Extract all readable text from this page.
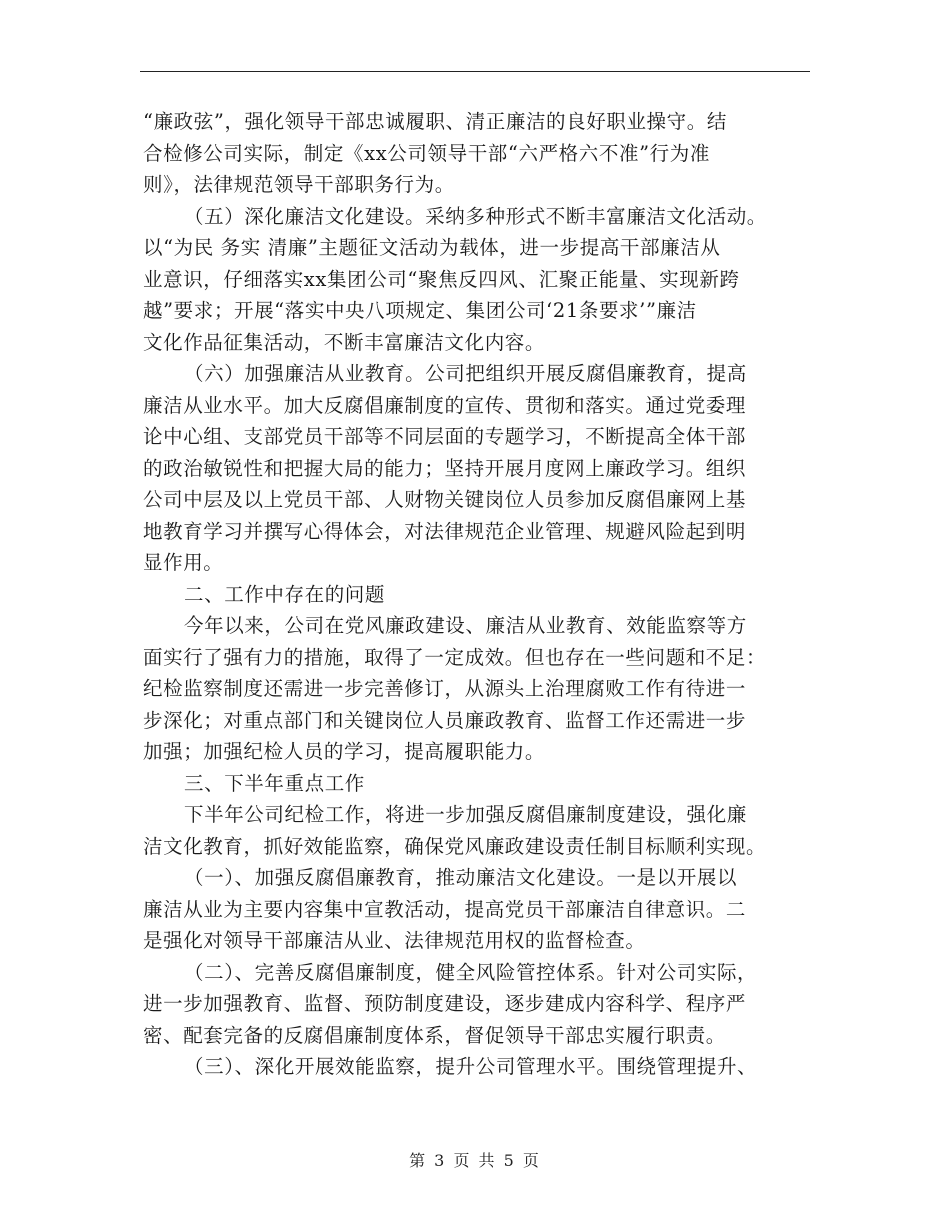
“廉政弦”，强化领导干部忠诚履职、清正廉洁的良好职业操守。结
合检修公司实际，制定《xx公司领导干部“六严格六不准”行为准
则》，法律规范领导干部职务行为。
（五）深化廉洁文化建设。采纳多种形式不断丰富廉洁文化活动。
以“为民 务实 清廉”主题征文活动为载体，进一步提高干部廉洁从
业意识，仔细落实xx集团公司“聚焦反四风、汇聚正能量、实现新跨
越”要求；开展“落实中央八项规定、集团公司‘21条要求’”廉洁
文化作品征集活动，不断丰富廉洁文化内容。
（六）加强廉洁从业教育。公司把组织开展反腐倡廉教育，提高
廉洁从业水平。加大反腐倡廉制度的宣传、贯彻和落实。通过党委理
论中心组、支部党员干部等不同层面的专题学习，不断提高全体干部
的政治敏锐性和把握大局的能力；坚持开展月度网上廉政学习。组织
公司中层及以上党员干部、人财物关键岗位人员参加反腐倡廉网上基
地教育学习并撰写心得体会，对法律规范企业管理、规避风险起到明
显作用。
二、工作中存在的问题
今年以来，公司在党风廉政建设、廉洁从业教育、效能监察等方
面实行了强有力的措施，取得了一定成效。但也存在一些问题和不足：
纪检监察制度还需进一步完善修订，从源头上治理腐败工作有待进一
步深化；对重点部门和关键岗位人员廉政教育、监督工作还需进一步
加强；加强纪检人员的学习，提高履职能力。
三、下半年重点工作
下半年公司纪检工作，将进一步加强反腐倡廉制度建设，强化廉
洁文化教育，抓好效能监察，确保党风廉政建设责任制目标顺利实现。
（一）、加强反腐倡廉教育，推动廉洁文化建设。一是以开展以
廉洁从业为主要内容集中宣教活动，提高党员干部廉洁自律意识。二
是强化对领导干部廉洁从业、法律规范用权的监督检查。
（二）、完善反腐倡廉制度，健全风险管控体系。针对公司实际，
进一步加强教育、监督、预防制度建设，逐步建成内容科学、程序严
密、配套完备的反腐倡廉制度体系，督促领导干部忠实履行职责。
（三）、深化开展效能监察，提升公司管理水平。围绕管理提升、
第 3 页 共 5 页
